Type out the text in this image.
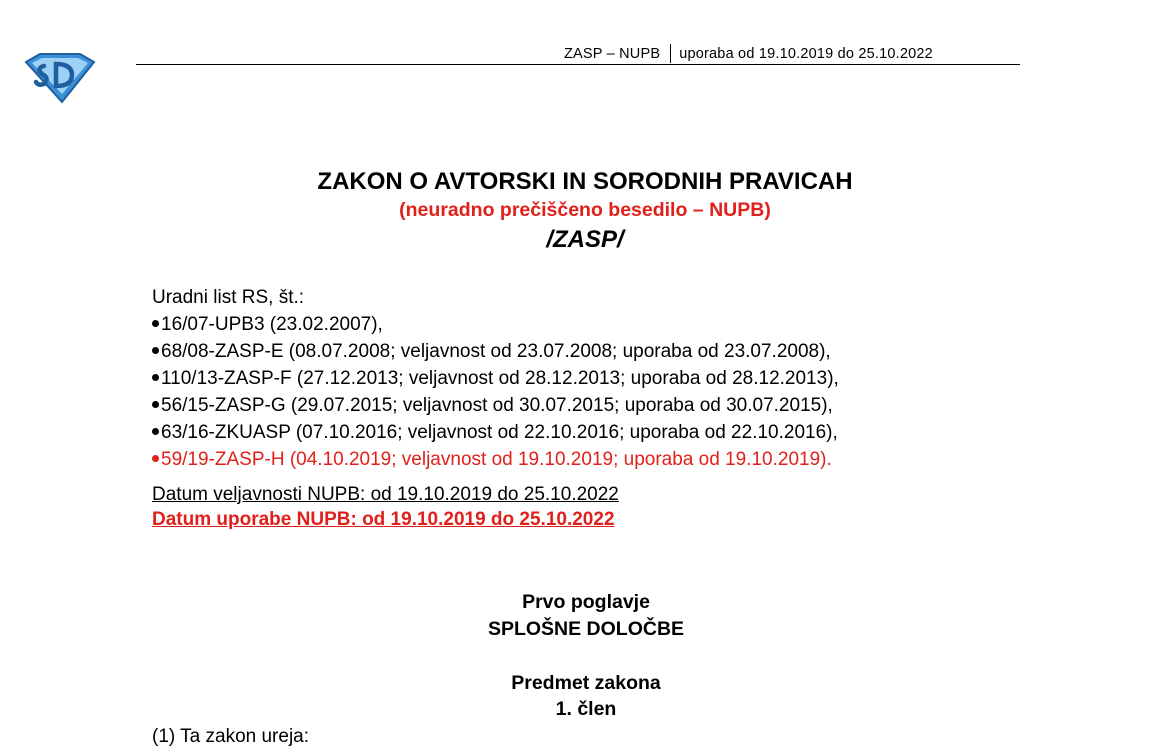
ZASP – NUPB uporaba od 19.10.2019 do 25.10.2022
ZAKON O AVTORSKI IN SORODNIH PRAVICAH
(neuradno prečiščeno besedilo – NUPB)
/ZASP/
Uradni list RS, št.:
16/07-UPB3 (23.02.2007),
68/08-ZASP-E (08.07.2008; veljavnost od 23.07.2008; uporaba od 23.07.2008),
110/13-ZASP-F (27.12.2013; veljavnost od 28.12.2013; uporaba od 28.12.2013),
56/15-ZASP-G (29.07.2015; veljavnost od 30.07.2015; uporaba od 30.07.2015),
63/16-ZKUASP (07.10.2016; veljavnost od 22.10.2016; uporaba od 22.10.2016),
59/19-ZASP-H (04.10.2019; veljavnost od 19.10.2019; uporaba od 19.10.2019).
Datum veljavnosti NUPB: od 19.10.2019 do 25.10.2022
Datum uporabe NUPB: od 19.10.2019 do 25.10.2022
Prvo poglavje
SPLOŠNE DOLOČBE
Predmet zakona
1. člen
(1) Ta zakon ureja:
